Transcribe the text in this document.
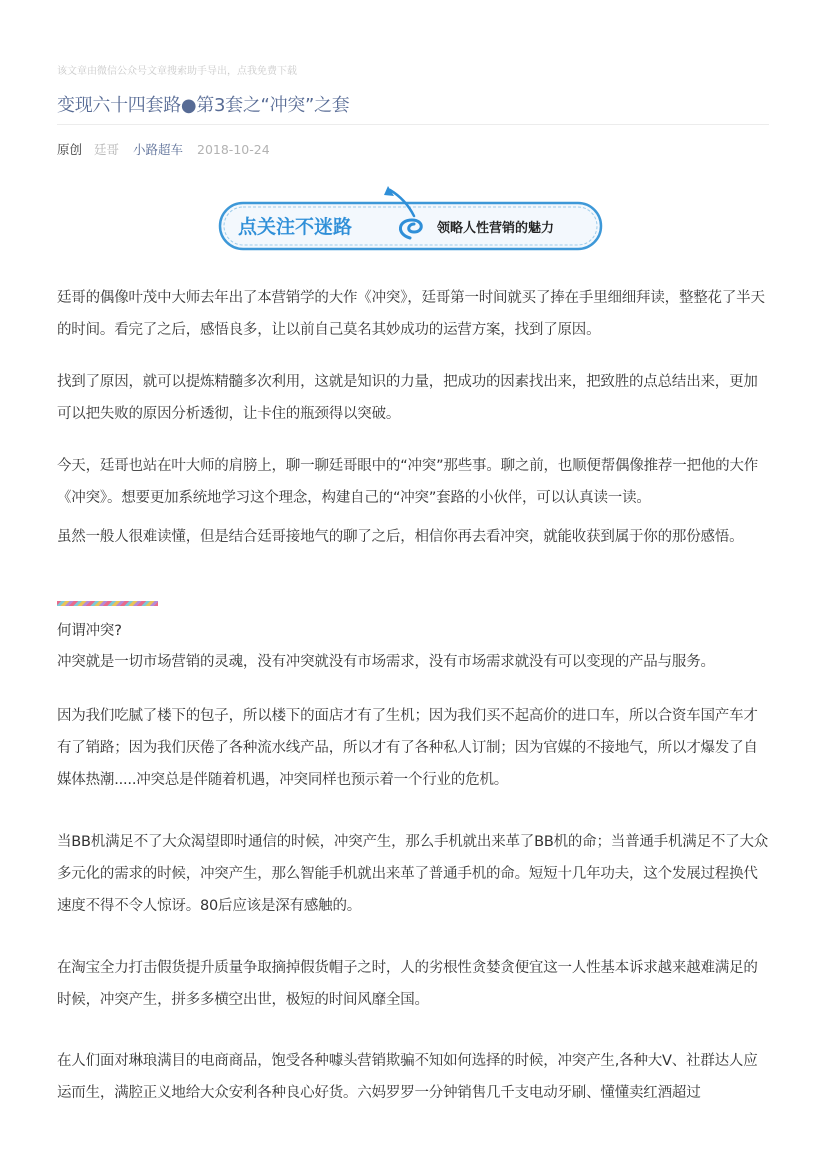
该文章由微信公众号文章搜索助手导出，点我免费下载
变现六十四套路●第3套之“冲突”之套
原创 廷哥 小路超车 2018-10-24
点关注不迷路	领略人性营销的魅力

廷哥的偶像叶茂中大师去年出了本营销学的大作《冲突》，廷哥第一时间就买了捧在手里细细拜读，整整花了半天的时间。看完了之后，感悟良多，让以前自己莫名其妙成功的运营方案，找到了原因。

找到了原因，就可以提炼精髓多次利用，这就是知识的力量，把成功的因素找出来，把致胜的点总结出来，更加可以把失败的原因分析透彻，让卡住的瓶颈得以突破。

今天，廷哥也站在叶大师的肩膀上，聊一聊廷哥眼中的“冲突”那些事。聊之前，也顺便帮偶像推荐一把他的大作《冲突》。想要更加系统地学习这个理念，构建自己的“冲突”套路的小伙伴，可以认真读一读。

虽然一般人很难读懂，但是结合廷哥接地气的聊了之后，相信你再去看冲突，就能收获到属于你的那份感悟。

何谓冲突?

冲突就是一切市场营销的灵魂，没有冲突就没有市场需求，没有市场需求就没有可以变现的产品与服务。

因为我们吃腻了楼下的包子，所以楼下的面店才有了生机；因为我们买不起高价的进口车，所以合资车国产车才有了销路；因为我们厌倦了各种流水线产品，所以才有了各种私人订制；因为官媒的不接地气，所以才爆发了自媒体热潮.....冲突总是伴随着机遇，冲突同样也预示着一个行业的危机。

当BB机满足不了大众渴望即时通信的时候，冲突产生，那么手机就出来革了BB机的命；当普通手机满足不了大众多元化的需求的时候，冲突产生，那么智能手机就出来革了普通手机的命。短短十几年功夫，这个发展过程换代速度不得不令人惊讶。80后应该是深有感触的。

在淘宝全力打击假货提升质量争取摘掉假货帽子之时，人的劣根性贪婪贪便宜这一人性基本诉求越来越难满足的时候，冲突产生，拼多多横空出世，极短的时间风靡全国。

在人们面对琳琅满目的电商商品，饱受各种噱头营销欺骗不知如何选择的时候，冲突产生,各种大V、社群达人应运而生，满腔正义地给大众安利各种良心好货。六妈罗罗一分钟销售几千支电动牙刷、懂懂卖红酒超过
